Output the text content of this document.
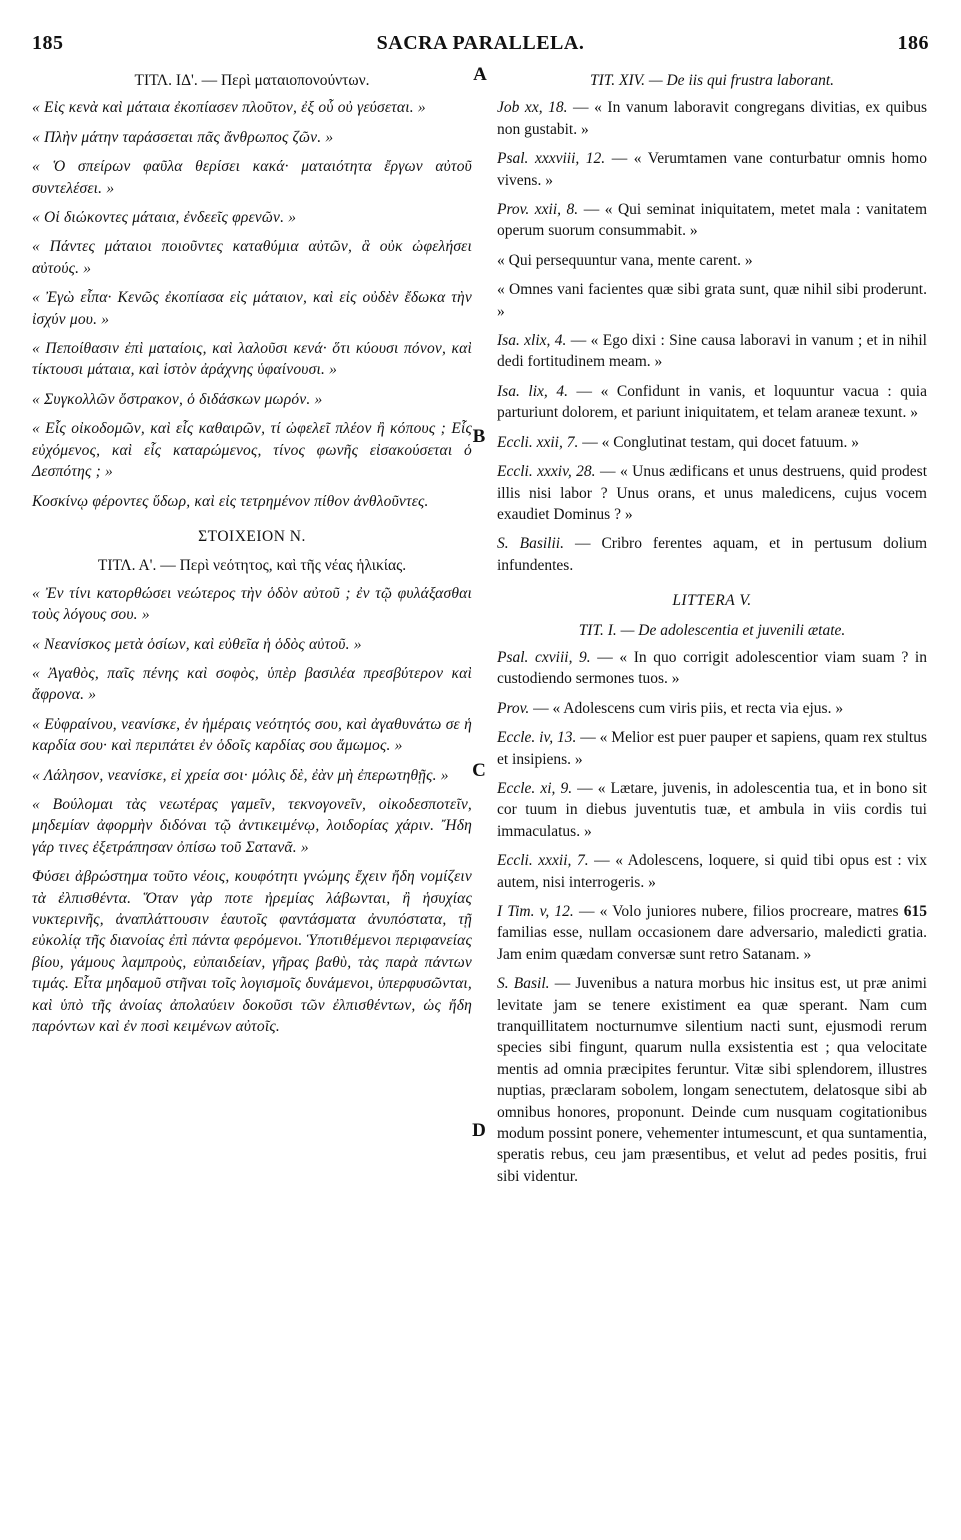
185	SACRA PARALLELA.	186
A
B
C
D

ΤΙΤΛ. ΙΔ'. — Περὶ ματαιοπονούντων.

« Εἰς κενὰ καὶ μάταια ἐκοπίασεν πλοῦτον, ἐξ οὗ οὐ γεύσεται. »

« Πλὴν μάτην ταράσσεται πᾶς ἄνθρωπος ζῶν. »

« Ὁ σπείρων φαῦλα θερίσει κακά· ματαιότητα ἔργων αὐτοῦ συντελέσει. »

« Οἱ διώκοντες μάταια, ἐνδεεῖς φρενῶν. »

« Πάντες μάταιοι ποιοῦντες καταθύμια αὐτῶν, ἃ οὐκ ὠφελήσει αὐτούς. »

« Ἐγὼ εἶπα· Κενῶς ἐκοπίασα εἰς μάταιον, καὶ εἰς οὐδὲν ἔδωκα τὴν ἰσχύν μου. »

« Πεποίθασιν ἐπὶ ματαίοις, καὶ λαλοῦσι κενά· ὅτι κύουσι πόνον, καὶ τίκτουσι μάταια, καὶ ἱστὸν ἀράχνης ὑφαίνουσι. »

« Συγκολλῶν ὄστρακον, ὁ διδάσκων μωρόν. »

« Εἷς οἰκοδομῶν, καὶ εἷς καθαιρῶν, τί ὠφελεῖ πλέον ἢ κόπους ; Εἷς εὐχόμενος, καὶ εἷς καταρώμενος, τίνος φωνῆς εἰσακούσεται ὁ Δεσπότης ; »

Κοσκίνῳ φέροντες ὕδωρ, καὶ εἰς τετρημένον πίθον ἀνθλοῦντες.

ΣΤΟΙΧΕΙΟΝ Ν.

ΤΙΤΛ. Α'. — Περὶ νεότητος, καὶ τῆς νέας ἡλικίας.

« Ἐν τίνι κατορθώσει νεώτερος τὴν ὁδὸν αὐτοῦ ; ἐν τῷ φυλάξασθαι τοὺς λόγους σου. »

« Νεανίσκος μετὰ ὁσίων, καὶ εὐθεῖα ἡ ὁδὸς αὐτοῦ. »

« Ἀγαθὸς, παῖς πένης καὶ σοφὸς, ὑπὲρ βασιλέα πρεσβύτερον καὶ ἄφρονα. »

« Εὐφραίνου, νεανίσκε, ἐν ἡμέραις νεότητός σου, καὶ ἀγαθυνάτω σε ἡ καρδία σου· καὶ περιπάτει ἐν ὁδοῖς καρδίας σου ἄμωμος. »

« Λάλησον, νεανίσκε, εἰ χρεία σοι· μόλις δὲ, ἐὰν μὴ ἐπερωτηθῇς. »

« Βούλομαι τὰς νεωτέρας γαμεῖν, τεκνογονεῖν, οἰκοδεσποτεῖν, μηδεμίαν ἀφορμὴν διδόναι τῷ ἀντικειμένῳ, λοιδορίας χάριν. Ἤδη γάρ τινες ἐξετράπησαν ὀπίσω τοῦ Σατανᾶ. »

Φύσει ἀβρώστημα τοῦτο νέοις, κουφότητι γνώμης ἔχειν ἤδη νομίζειν τὰ ἐλπισθέντα. Ὅταν γὰρ ποτε ἠρεμίας λάβωνται, ἢ ἡσυχίας νυκτερινῆς, ἀναπλάττουσιν ἑαυτοῖς φαντάσματα ἀνυπόστατα, τῇ εὐκολίᾳ τῆς διανοίας ἐπὶ πάντα φερόμενοι. Ὑποτιθέμενοι περιφανείας βίου, γάμους λαμπροὺς, εὐπαιδείαν, γῆρας βαθὺ, τὰς παρὰ πάντων τιμάς. Εἶτα μηδαμοῦ στῆναι τοῖς λογισμοῖς δυνάμενοι, ὑπερφυσῶνται, καὶ ὑπὸ τῆς ἀνοίας ἀπολαύειν δοκοῦσι τῶν ἐλπισθέντων, ὡς ἤδη παρόντων καὶ ἐν ποσὶ κειμένων αὐτοῖς.

TIT. XIV. — De iis qui frustra laborant.

Job xx, 18. — « In vanum laboravit congregans divitias, ex quibus non gustabit. »

Psal. xxxviii, 12. — « Verumtamen vane conturbatur omnis homo vivens. »

Prov. xxii, 8. — « Qui seminat iniquitatem, metet mala : vanitatem operum suorum consummabit. »

« Qui persequuntur vana, mente carent. »

« Omnes vani facientes quæ sibi grata sunt, quæ nihil sibi proderunt. »

Isa. xlix, 4. — « Ego dixi : Sine causa laboravi in vanum ; et in nihil dedi fortitudinem meam. »

Isa. lix, 4. — « Confidunt in vanis, et loquuntur vacua : quia parturiunt dolorem, et pariunt iniquitatem, et telam araneæ texunt. »

Eccli. xxii, 7. — « Conglutinat testam, qui docet fatuum. »

Eccli. xxxiv, 28. — « Unus ædificans et unus destruens, quid prodest illis nisi labor ? Unus orans, et unus maledicens, cujus vocem exaudiet Dominus ? »

S. Basilii. — Cribro ferentes aquam, et in pertusum dolium infundentes.

LITTERA V.

TIT. I. — De adolescentia et juvenili ætate.

Psal. cxviii, 9. — « In quo corrigit adolescentior viam suam ? in custodiendo sermones tuos. »

Prov. — « Adolescens cum viris piis, et recta via ejus. »

Eccle. iv, 13. — « Melior est puer pauper et sapiens, quam rex stultus et insipiens. »

Eccle. xi, 9. — « Lætare, juvenis, in adolescentia tua, et in bono sit cor tuum in diebus juventutis tuæ, et ambula in viis cordis tui immaculatus. »

Eccli. xxxii, 7. — « Adolescens, loquere, si quid tibi opus est : vix autem, nisi interrogeris. »

I Tim. v, 12. — « Volo juniores nubere, filios procreare, matres 615 familias esse, nullam occasionem dare adversario, maledicti gratia. Jam enim quædam conversæ sunt retro Satanam. »

S. Basil. — Juvenibus a natura morbus hic insitus est, ut præ animi levitate jam se tenere existiment ea quæ sperant. Nam cum tranquillitatem nocturnumve silentium nacti sunt, ejusmodi rerum species sibi fingunt, quarum nulla exsistentia est ; qua velocitate mentis ad omnia præcipites feruntur. Vitæ sibi splendorem, illustres nuptias, præclaram sobolem, longam senectutem, delatosque sibi ab omnibus honores, proponunt. Deinde cum nusquam cogitationibus modum possint ponere, vehementer intumescunt, et qua suntamentia, speratis rebus, ceu jam præsentibus, et velut ad pedes positis, frui sibi videntur.
